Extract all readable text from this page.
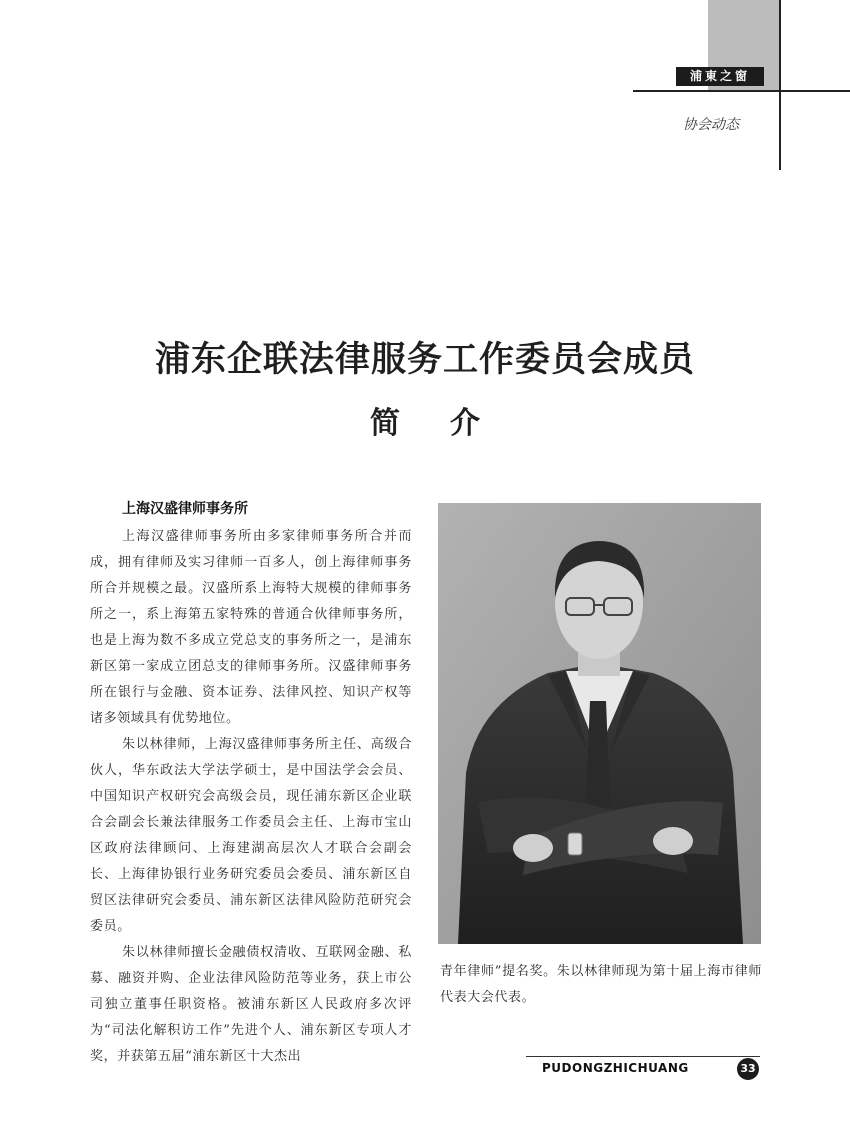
浦東之窗
协会动态
浦东企联法律服务工作委员会成员
简介
上海汉盛律师事务所

上海汉盛律师事务所由多家律师事务所合并而成，拥有律师及实习律师一百多人，创上海律师事务所合并规模之最。汉盛所系上海特大规模的律师事务所之一，系上海第五家特殊的普通合伙律师事务所，也是上海为数不多成立党总支的事务所之一，是浦东新区第一家成立团总支的律师事务所。汉盛律师事务所在银行与金融、资本证券、法律风控、知识产权等诸多领域具有优势地位。

朱以林律师，上海汉盛律师事务所主任、高级合伙人，华东政法大学法学硕士，是中国法学会会员、中国知识产权研究会高级会员，现任浦东新区企业联合会副会长兼法律服务工作委员会主任、上海市宝山区政府法律顾问、上海建湖高层次人才联合会副会长、上海律协银行业务研究委员会委员、浦东新区自贸区法律研究会委员、浦东新区法律风险防范研究会委员。

朱以林律师擅长金融债权清收、互联网金融、私募、融资并购、企业法律风险防范等业务，获上市公司独立董事任职资格。被浦东新区人民政府多次评为“司法化解积访工作”先进个人、浦东新区专项人才奖，并获第五届“浦东新区十大杰出

青年律师”提名奖。朱以林律师现为第十届上海市律师代表大会代表。

PUDONGZHICHUANG	33
